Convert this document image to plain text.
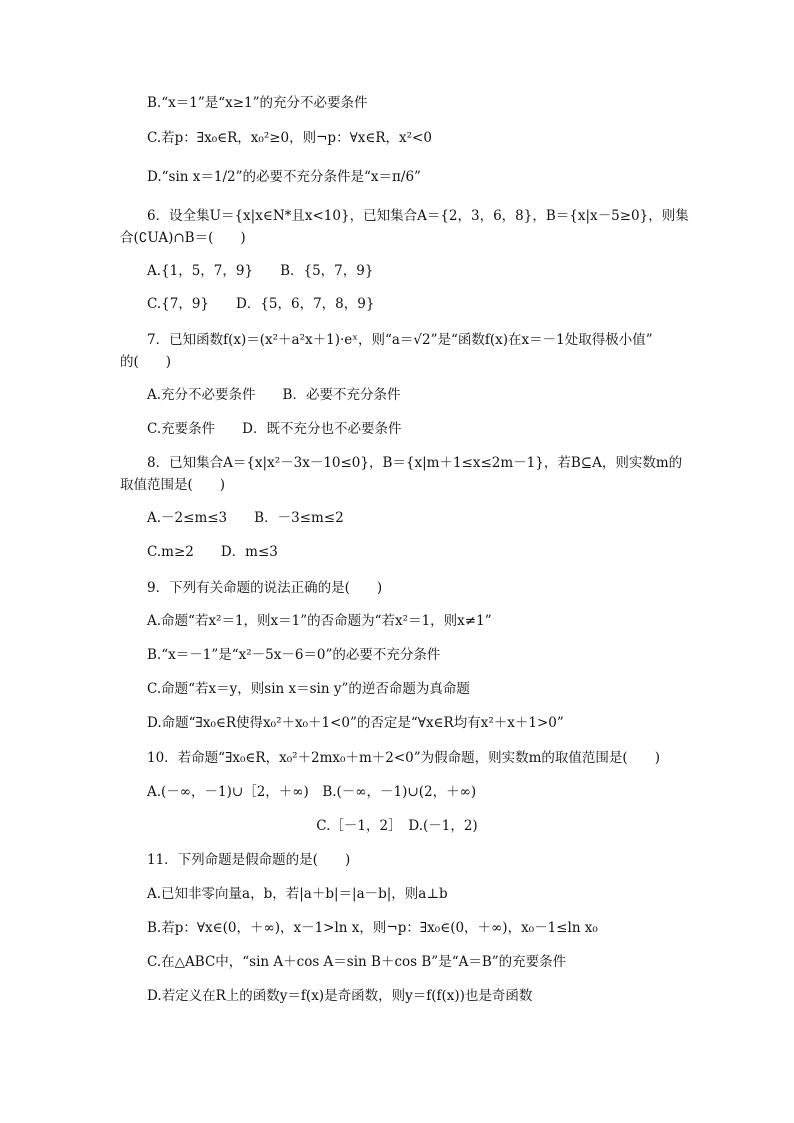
B.“x＝1”是“x≥1”的充分不必要条件
C.若p：∃x₀∈R，x₀²≥0，则¬p：∀x∈R，x²<0
D.“sin x＝1/2”的必要不充分条件是“x＝π/6”
6．设全集U＝{x|x∈N*且x<10}，已知集合A＝{2，3，6，8}，B＝{x|x－5≥0}，则集
合(∁UA)∩B＝(　　)
A.{1，5，7，9}　　B．{5，7，9}
C.{7，9}　　D．{5，6，7，8，9}
7．已知函数f(x)＝(x²＋a²x＋1)·eˣ，则“a＝√2”是“函数f(x)在x＝－1处取得极小值”
的(　　)
A.充分不必要条件　　B．必要不充分条件
C.充要条件　　D．既不充分也不必要条件
8．已知集合A＝{x|x²－3x－10≤0}，B＝{x|m＋1≤x≤2m－1}，若B⊆A，则实数m的
取值范围是(　　)
A.－2≤m≤3　　B．－3≤m≤2
C.m≥2　　D．m≤3
9．下列有关命题的说法正确的是(　　)
A.命题“若x²＝1，则x＝1”的否命题为“若x²＝1，则x≠1”
B.“x＝－1”是“x²－5x－6＝0”的必要不充分条件
C.命题“若x＝y，则sin x＝sin y”的逆否命题为真命题
D.命题“∃x₀∈R使得x₀²＋x₀＋1<0”的否定是“∀x∈R均有x²＋x＋1>0”
10．若命题“∃x₀∈R，x₀²＋2mx₀＋m＋2<0”为假命题，则实数m的取值范围是(　　)
A.(－∞，－1)∪［2，＋∞)　B.(－∞，－1)∪(2，＋∞)
C.［－1，2］　D.(－1，2)
11．下列命题是假命题的是(　　)
A.已知非零向量a，b，若|a＋b|＝|a－b|，则a⊥b
B.若p：∀x∈(0，＋∞)，x－1>ln x，则¬p：∃x₀∈(0，＋∞)，x₀－1≤ln x₀
C.在△ABC中，“sin A＋cos A＝sin B＋cos B”是“A＝B”的充要条件
D.若定义在R上的函数y＝f(x)是奇函数，则y＝f(f(x))也是奇函数
